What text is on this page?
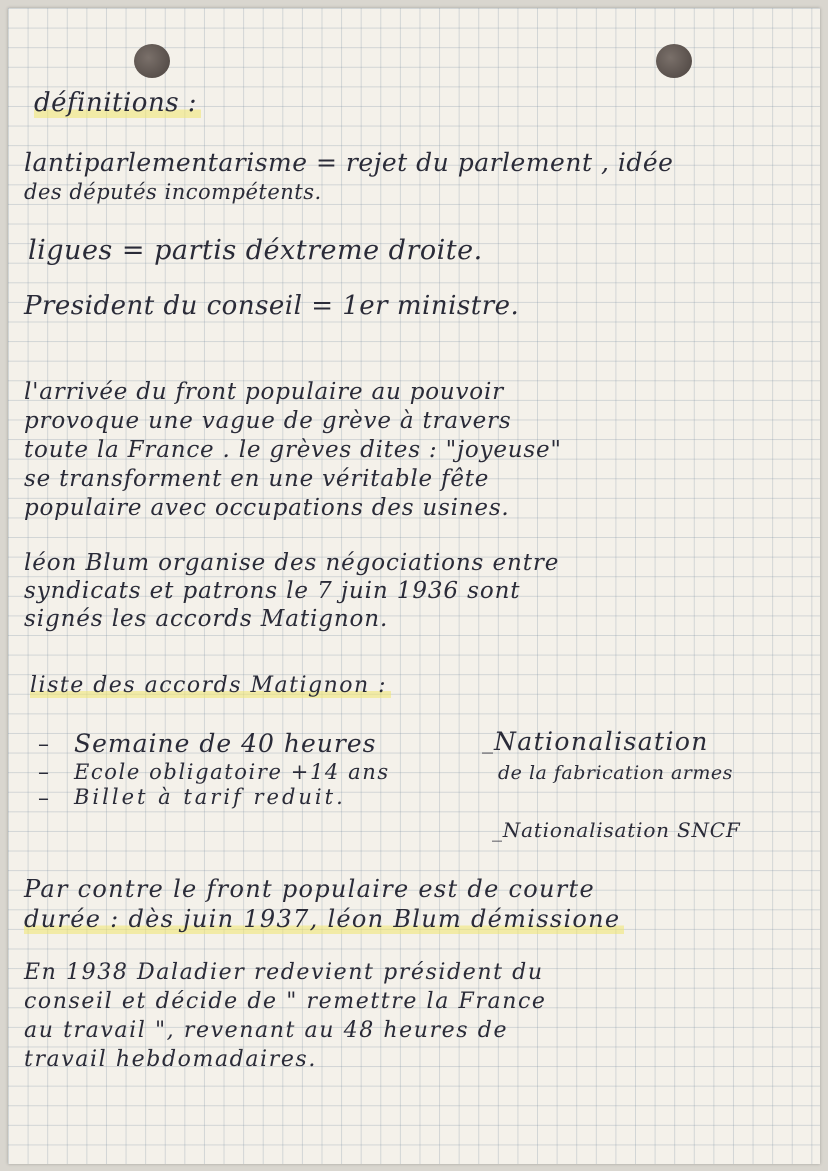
définitions :

lantiparlementarisme = rejet du parlement , idée

des députés incompétents.

ligues = partis déxtreme droite.

President du conseil = 1er ministre.

l'arrivée du front populaire au pouvoir
provoque une vague de grève à travers
toute la France . le grèves dites : "joyeuse"
se transforment en une véritable fête
populaire avec occupations des usines.
léon Blum organise des négociations entre
syndicats et patrons le 7 juin 1936 sont
signés les accords Matignon.

liste des accords Matignon :

–
–
–
_

Semaine de 40 heures

Ecole obligatoire +14 ans

Billet à tarif reduit.

Nationalisation

de la fabrication armes

_Nationalisation SNCF

Par contre le front populaire est de courte
durée : dès juin 1937, léon Blum démissione
En 1938 Daladier redevient président du
conseil et décide de " remettre la France
au travail ", revenant au 48 heures de
travail hebdomadaires.
